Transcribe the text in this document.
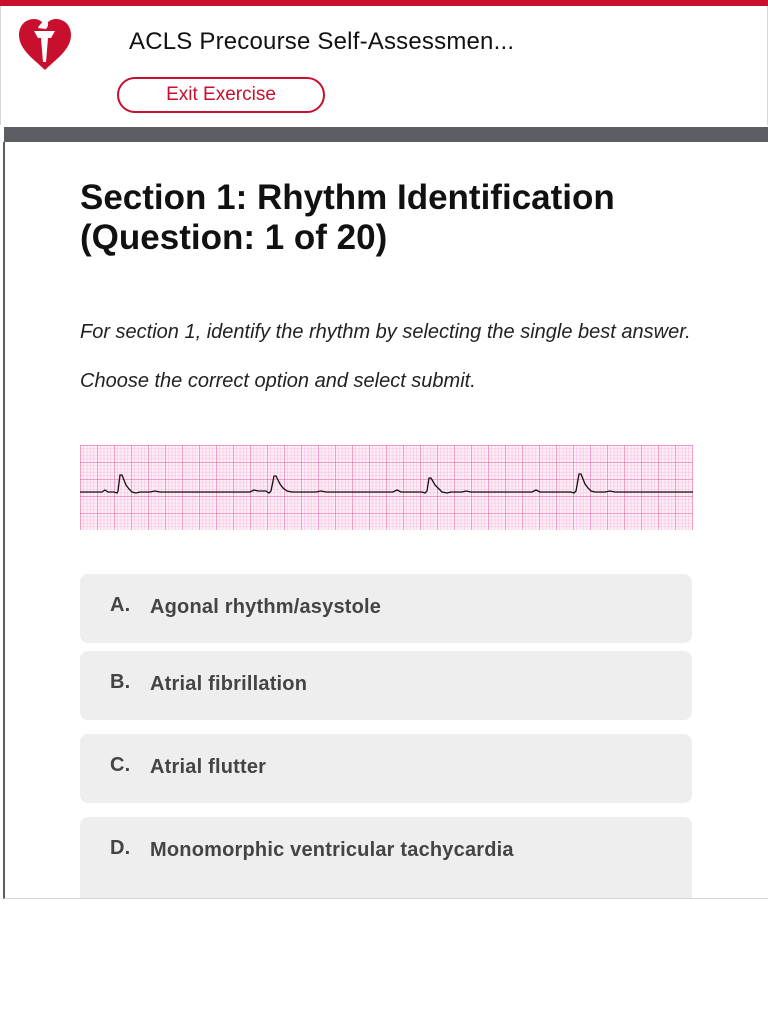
ACLS Precourse Self-Assessmen...
Exit Exercise
Section 1: Rhythm Identification (Question: 1 of 20)

For section 1, identify the rhythm by selecting the single best answer.

Choose the correct option and select submit.

A. Agonal rhythm/asystole
B. Atrial fibrillation
C. Atrial flutter
D. Monomorphic ventricular tachycardia
